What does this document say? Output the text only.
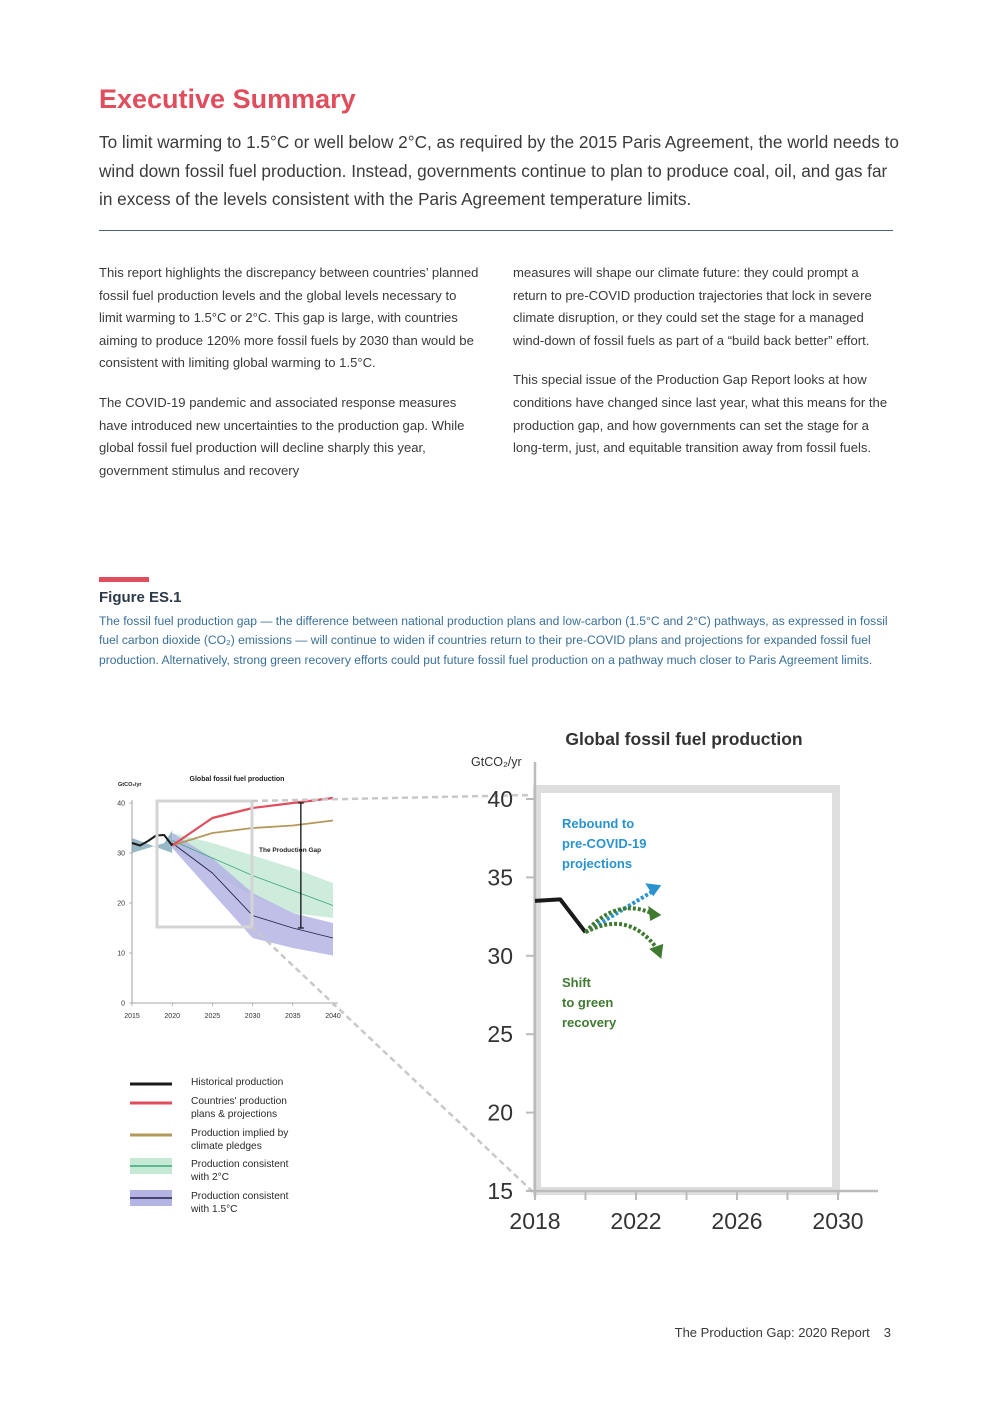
Executive Summary
To limit warming to 1.5°C or well below 2°C, as required by the 2015 Paris Agreement, the world needs to wind down fossil fuel production. Instead, governments continue to plan to produce coal, oil, and gas far in excess of the levels consistent with the Paris Agreement temperature limits.

This report highlights the discrepancy between countries’ planned fossil fuel production levels and the global levels necessary to limit warming to 1.5°C or 2°C. This gap is large, with countries aiming to produce 120% more fossil fuels by 2030 than would be consistent with limiting global warming to 1.5°C.

The COVID-19 pandemic and associated response measures have introduced new uncertainties to the production gap. While global fossil fuel production will decline sharply this year, government stimulus and recovery

measures will shape our climate future: they could prompt a return to pre-COVID production trajectories that lock in severe climate disruption, or they could set the stage for a managed wind-down of fossil fuels as part of a “build back better” effort.

This special issue of the Production Gap Report looks at how conditions have changed since last year, what this means for the production gap, and how governments can set the stage for a long-term, just, and equitable transition away from fossil fuels.

Figure ES.1
The fossil fuel production gap — the difference between national production plans and low-carbon (1.5°C and 2°C) pathways, as expressed in fossil fuel carbon dioxide (CO₂) emissions — will continue to widen if countries return to their pre-COVID plans and projections for expanded fossil fuel production. Alternatively, strong green recovery efforts could put future fossil fuel production on a pathway much closer to Paris Agreement limits.
Global fossil fuel production
GtCO₂/yr
0
10
20
30
40
2015	2020	2025	2030	2035	2040
The Production Gap
Global fossil fuel production
GtCO₂/yr
15
20
25
30
35
40
2018 2022 2026 2030
Rebound to
pre-COVID-19
projections
Shift
to green
recovery
Historical production
Countries' production
plans & projections
Production implied by
climate pledges
Production consistent
with 2°C
Production consistent
with 1.5°C
The Production Gap: 2020 Report 3
